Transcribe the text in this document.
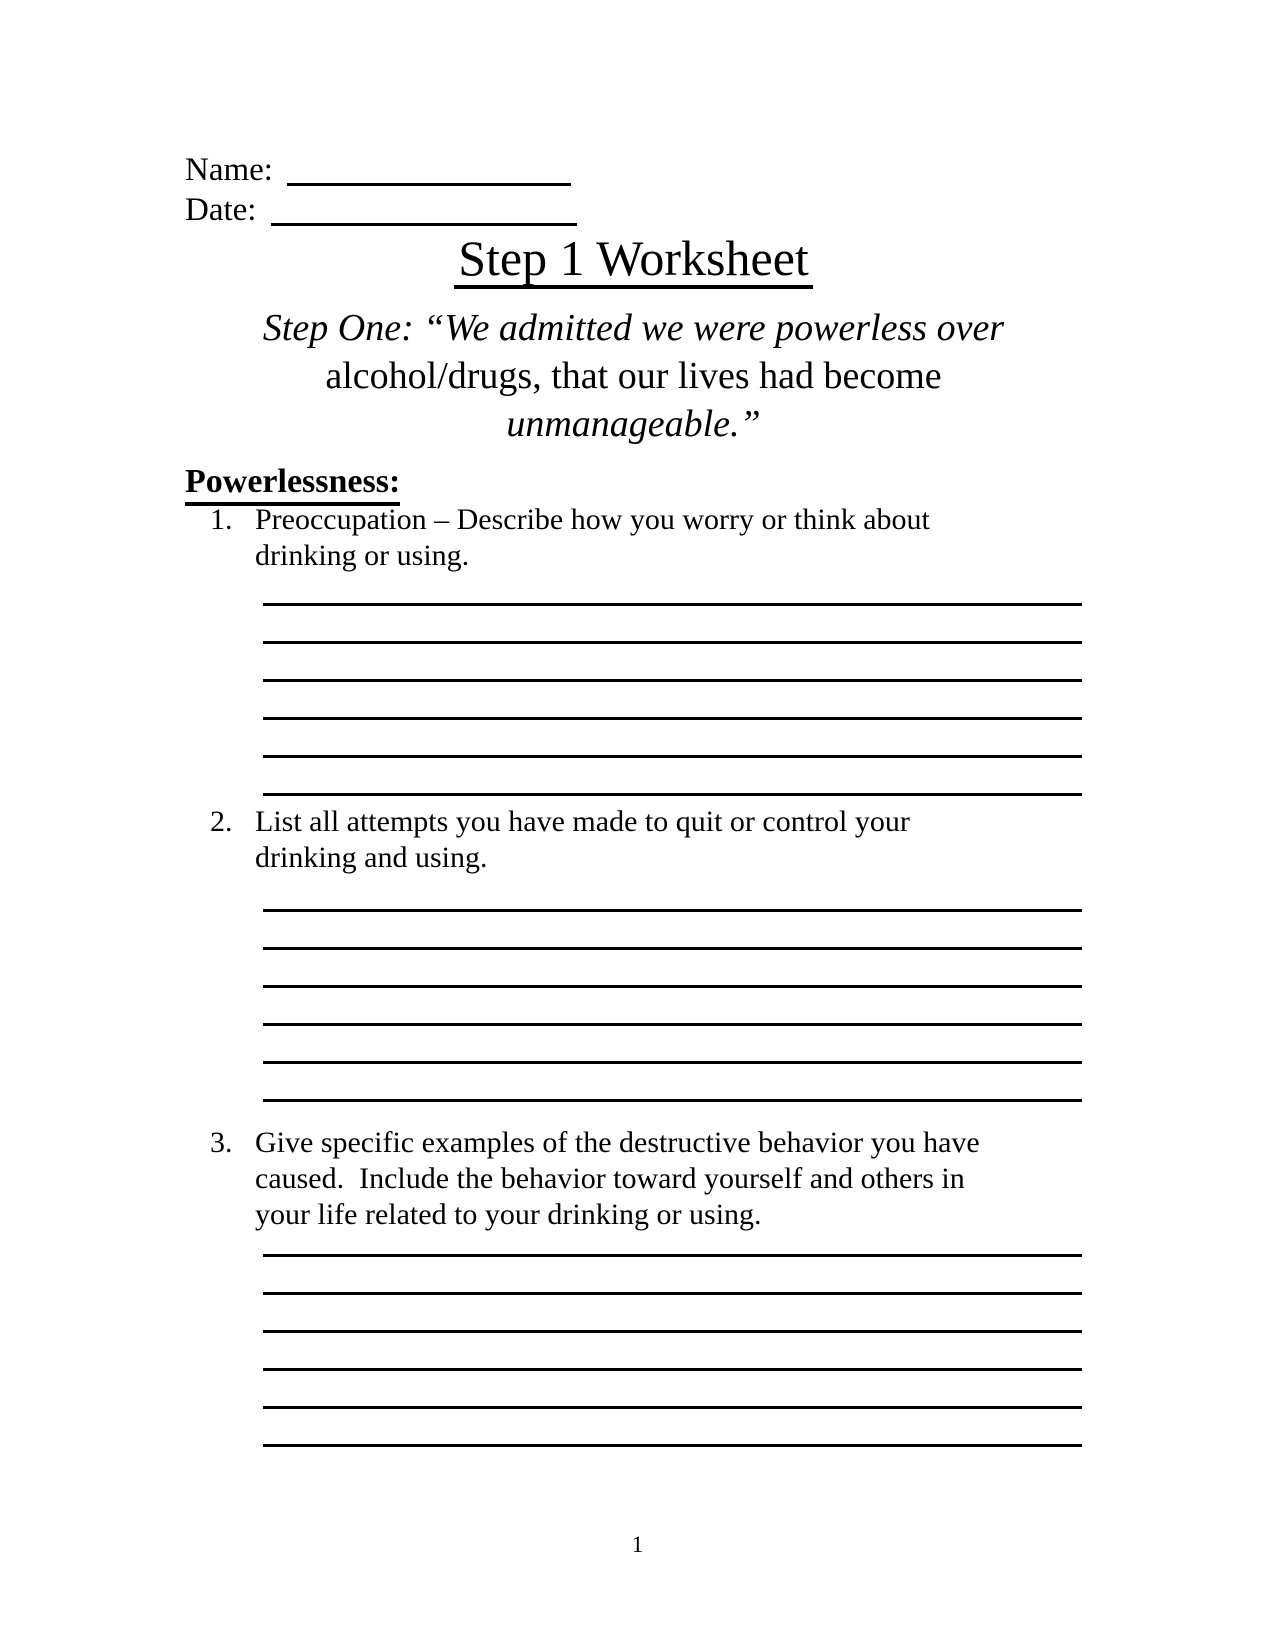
Name:
Date:
Step 1 Worksheet
Step One: “We admitted we were powerless over
alcohol/drugs, that our lives had become
unmanageable.”
Powerlessness:
1. Preoccupation – Describe how you worry or think about
drinking or using.
2. List all attempts you have made to quit or control your
drinking and using.
3. Give specific examples of the destructive behavior you have
caused.  Include the behavior toward yourself and others in
your life related to your drinking or using.
1
